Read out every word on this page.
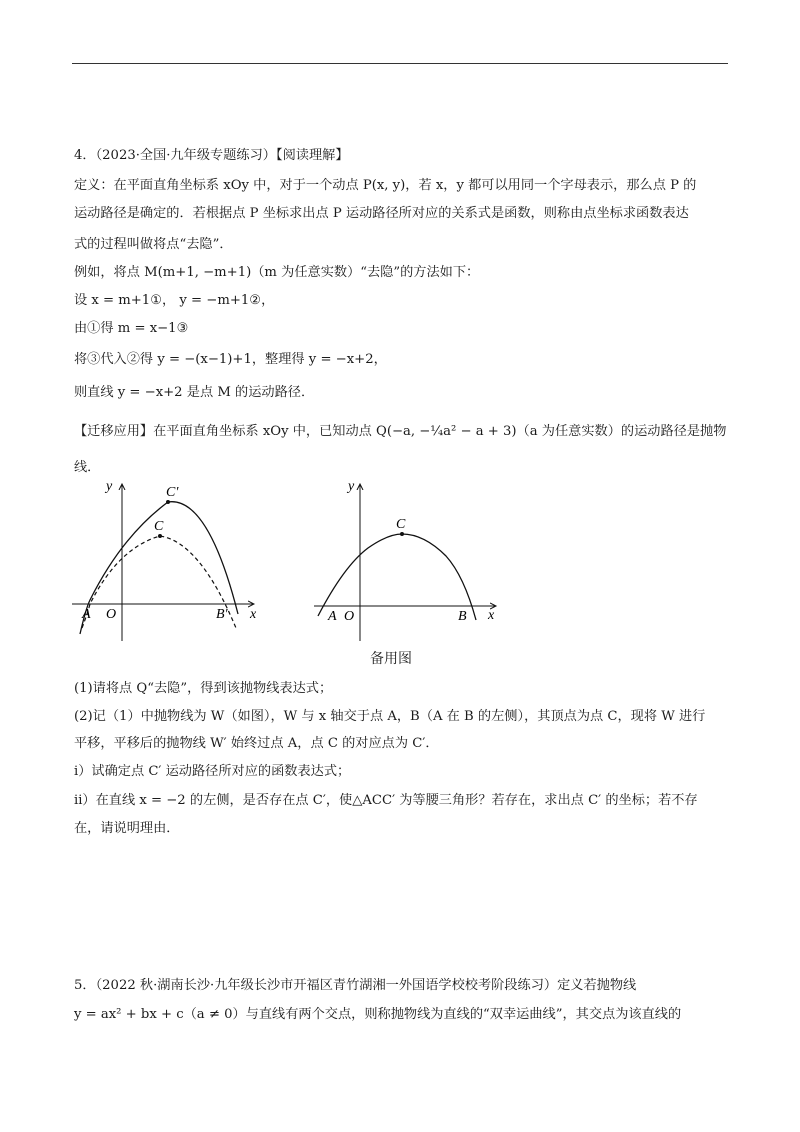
4．（2023·全国·九年级专题练习）【阅读理解】
定义：在平面直角坐标系 xOy 中，对于一个动点 P(x, y)，若 x，y 都可以用同一个字母表示，那么点 P 的
运动路径是确定的．若根据点 P 坐标求出点 P 运动路径所对应的关系式是函数，则称由点坐标求函数表达
式的过程叫做将点“去隐”．
例如，将点 M(m+1, −m+1)（m 为任意实数）“去隐”的方法如下：
设 x = m+1①， y = −m+1②，
由①得 m = x−1③
将③代入②得 y = −(x−1)+1，整理得 y = −x+2，
则直线 y = −x+2 是点 M 的运动路径．
【迁移应用】在平面直角坐标系 xOy 中，已知动点 Q(−a, −¼a² − a + 3)（a 为任意实数）的运动路径是抛物
线．
y
x
O
A	B′
C′
C
y
x
O
A	B
C
备用图
(1)请将点 Q“去隐”，得到该抛物线表达式；
(2)记（1）中抛物线为 W（如图），W 与 x 轴交于点 A，B（A 在 B 的左侧），其顶点为点 C，现将 W 进行
平移，平移后的抛物线 W′ 始终过点 A，点 C 的对应点为 C′．
ⅰ）试确定点 C′ 运动路径所对应的函数表达式；
ⅱ）在直线 x = −2 的左侧，是否存在点 C′，使△ACC′ 为等腰三角形？若存在，求出点 C′ 的坐标；若不存
在，请说明理由．
5．（2022 秋·湖南长沙·九年级长沙市开福区青竹湖湘一外国语学校校考阶段练习）定义若抛物线
y = ax² + bx + c（a ≠ 0）与直线有两个交点，则称抛物线为直线的“双幸运曲线”，其交点为该直线的
